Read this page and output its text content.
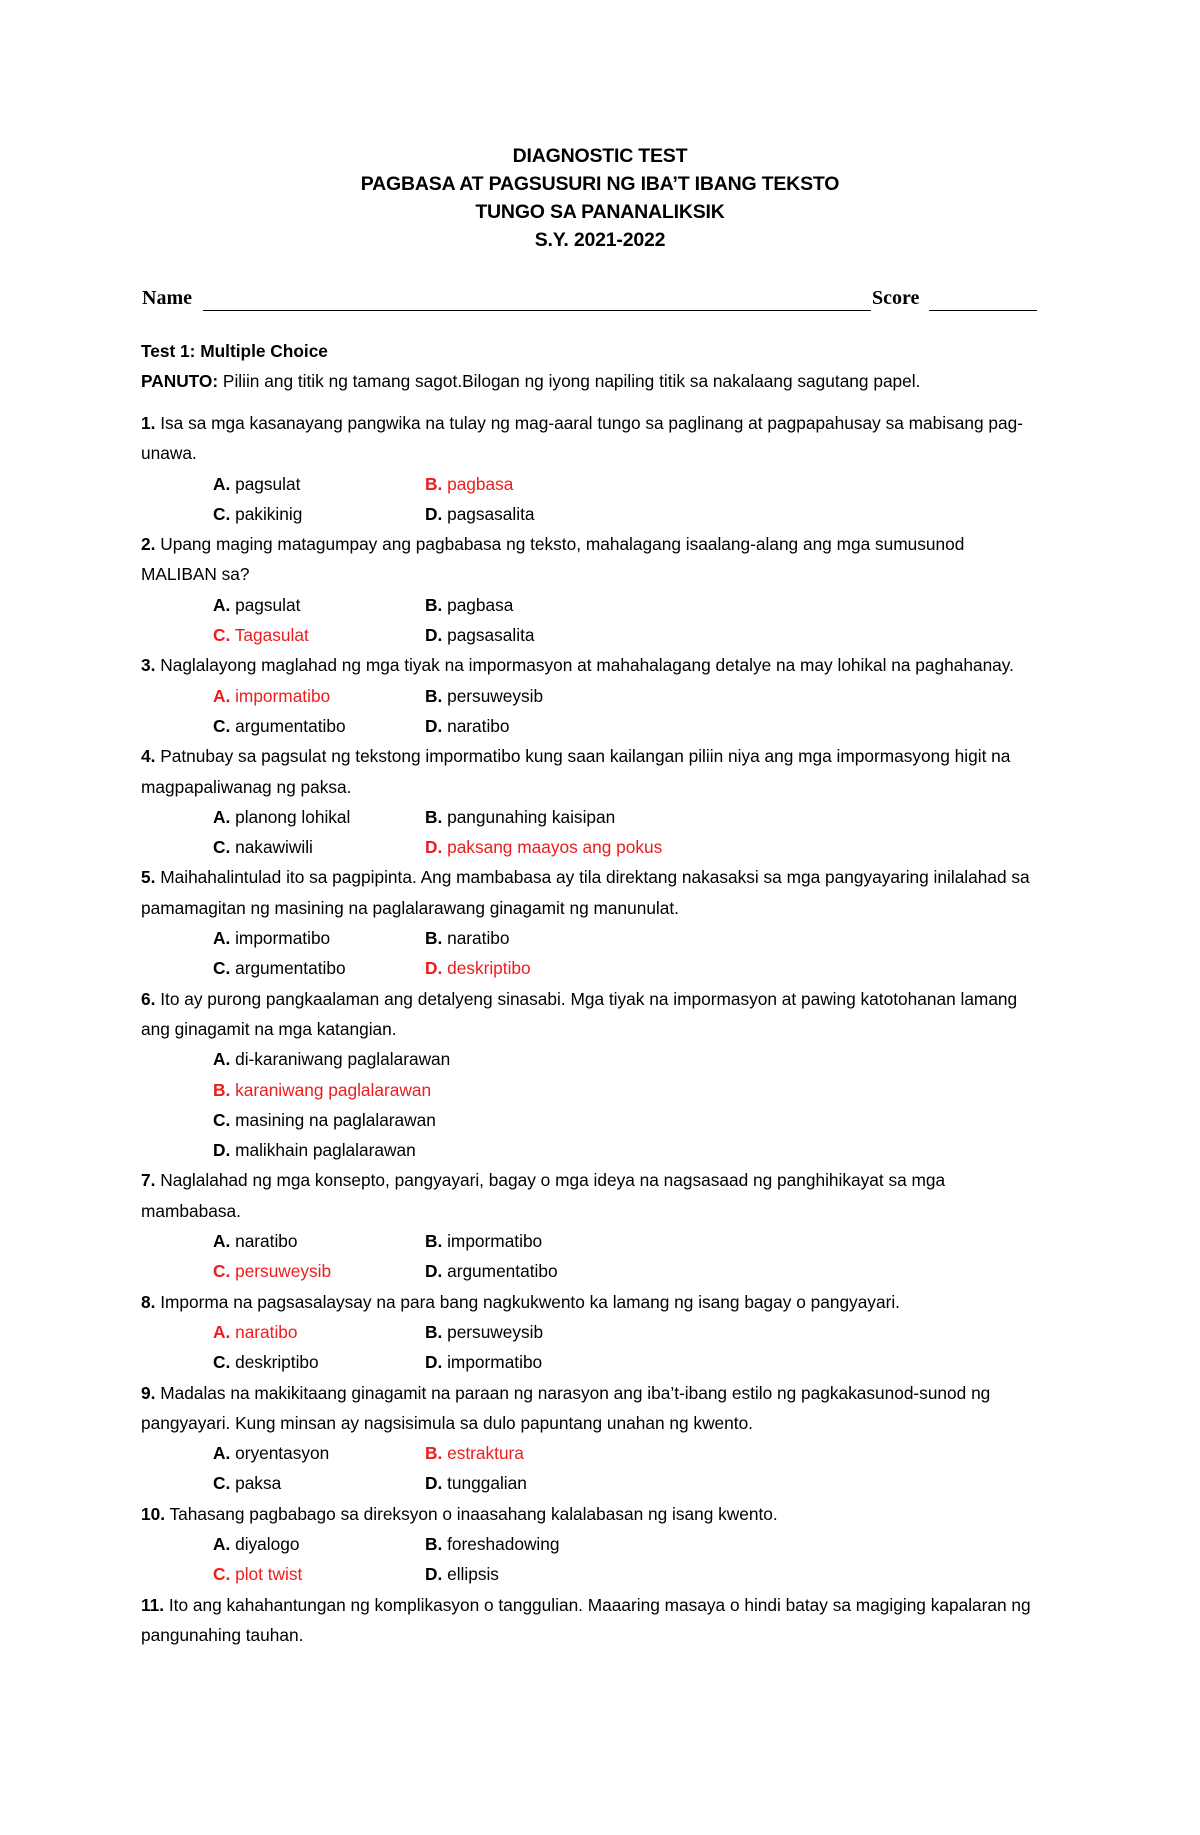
DIAGNOSTIC TEST
PAGBASA AT PAGSUSURI NG IBA’T IBANG TEKSTO
TUNGO SA PANANALIKSIK
S.Y. 2021-2022
Name	Score
Test 1: Multiple Choice
PANUTO: Piliin ang titik ng tamang sagot.Bilogan ng iyong napiling titik sa nakalaang sagutang papel.
1. Isa sa mga kasanayang pangwika na tulay ng mag-aaral tungo sa paglinang at pagpapahusay sa mabisang pag-unawa.
A. pagsulat	B. pagbasa
C. pakikinig	D. pagsasalita
2. Upang maging matagumpay ang pagbabasa ng teksto, mahalagang isaalang-alang ang mga sumusunod MALIBAN sa?
A. pagsulat	B. pagbasa
C. Tagasulat	D. pagsasalita
3. Naglalayong maglahad ng mga tiyak na impormasyon at mahahalagang detalye na may lohikal na paghahanay.
A. impormatibo	B. persuweysib
C. argumentatibo	D. naratibo
4. Patnubay sa pagsulat ng tekstong impormatibo kung saan kailangan piliin niya ang mga impormasyong higit na magpapaliwanag ng paksa.
A. planong lohikal	B. pangunahing kaisipan
C. nakawiwili	D. paksang maayos ang pokus
5. Maihahalintulad ito sa pagpipinta. Ang mambabasa ay tila direktang nakasaksi sa mga pangyayaring inilalahad sa pamamagitan ng masining na paglalarawang ginagamit ng manunulat.
A. impormatibo	B. naratibo
C. argumentatibo	D. deskriptibo
6. Ito ay purong pangkaalaman ang detalyeng sinasabi. Mga tiyak na impormasyon at pawing katotohanan lamang ang ginagamit na mga katangian.
A. di-karaniwang paglalarawan
B. karaniwang paglalarawan
C. masining na paglalarawan
D. malikhain paglalarawan
7. Naglalahad ng mga konsepto, pangyayari, bagay o mga ideya na nagsasaad ng panghihikayat sa mga mambabasa.
A. naratibo	B. impormatibo
C. persuweysib	D. argumentatibo
8. Imporma na pagsasalaysay na para bang nagkukwento ka lamang ng isang bagay o pangyayari.
A. naratibo	B. persuweysib
C. deskriptibo	D. impormatibo
9. Madalas na makikitaang ginagamit na paraan ng narasyon ang iba’t-ibang estilo ng pagkakasunod-sunod ng pangyayari. Kung minsan ay nagsisimula sa dulo papuntang unahan ng kwento.
A. oryentasyon	B. estraktura
C. paksa	D. tunggalian
10. Tahasang pagbabago sa direksyon o inaasahang kalalabasan ng isang kwento.
A. diyalogo	B. foreshadowing
C. plot twist	D. ellipsis
11. Ito ang kahahantungan ng komplikasyon o tanggulian. Maaaring masaya o hindi batay sa magiging kapalaran ng pangunahing tauhan.
